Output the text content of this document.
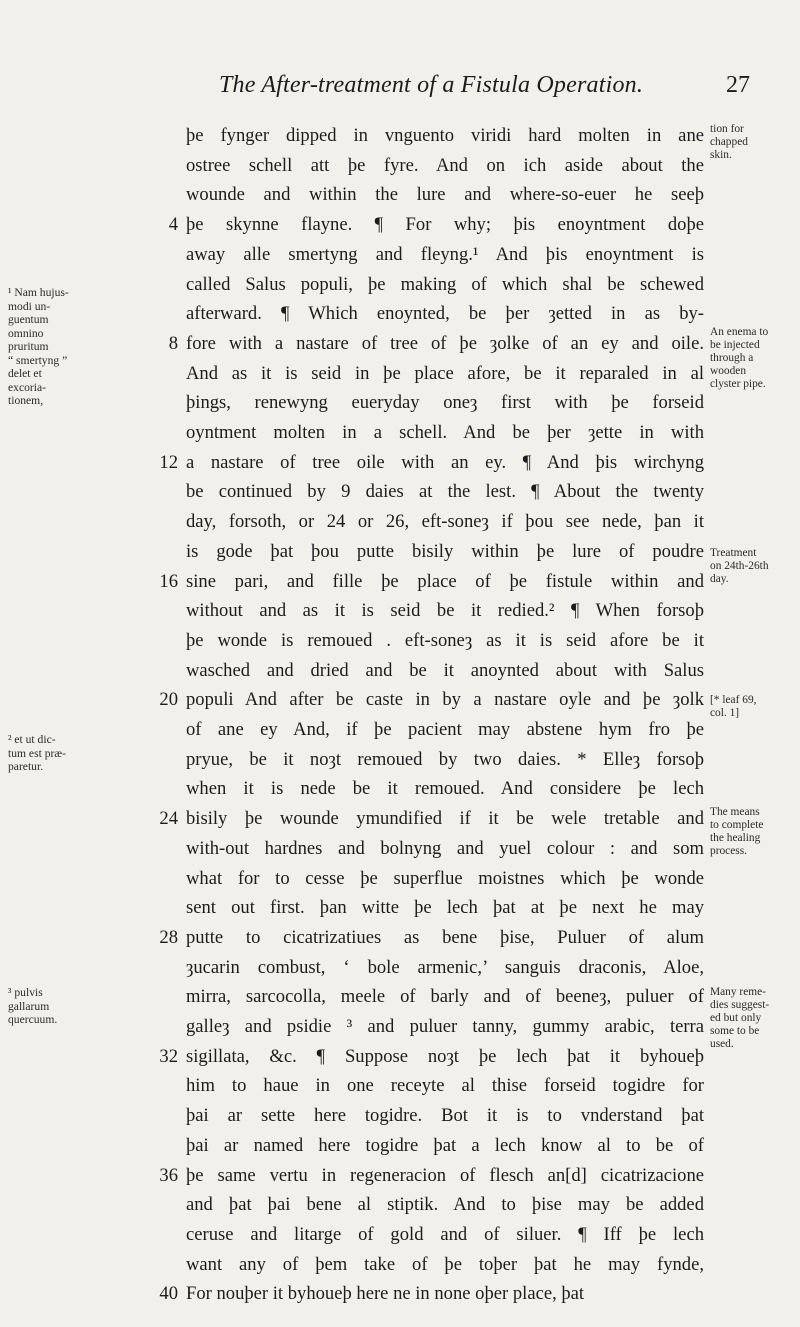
The After-treatment of a Fistula Operation.	27
þe fynger dipped in vnguento viridi hard molten in ane
ostree schell att þe fyre. And on ich aside about the
wounde and within the lure and where-so-euer he seeþ
þe skynne flayne. ¶ For why; þis enoyntment doþe
away alle smertyng and fleyng.¹ And þis enoyntment is
called Salus populi, þe making of which shal be schewed
afterward. ¶ Which enoynted, be þer ȝetted in as by-
fore with a nastare of tree of þe ȝolke of an ey and oile.
And as it is seid in þe place afore, be it reparaled in al
þings, renewyng eueryday oneȝ first with þe forseid
oyntment molten in a schell. And be þer ȝette in with
a nastare of tree oile with an ey. ¶ And þis wirchyng
be continued by 9 daies at the lest. ¶ About the twenty
day, forsoth, or 24 or 26, eft-soneȝ if þou see nede, þan it
is gode þat þou putte bisily within þe lure of poudre
sine pari, and fille þe place of þe fistule within and
without and as it is seid be it redied.² ¶ When forsoþ
þe wonde is remoued . eft-soneȝ as it is seid afore be it
wasched and dried and be it anoynted about with Salus
populi And after be caste in by a nastare oyle and þe ȝolk
of ane ey And, if þe pacient may abstene hym fro þe
pryue, be it noȝt remoued by two daies. * Elleȝ forsoþ
when it is nede be it remoued. And considere þe lech
bisily þe wounde ymundified if it be wele tretable and
with-out hardnes and bolnyng and yuel colour : and som
what for to cesse þe superflue moistnes which þe wonde
sent out first. þan witte þe lech þat at þe next he may
putte to cicatrizatiues as bene þise, Puluer of alum
ȝucarin combust, ‘ bole armenic,’ sanguis draconis, Aloe,
mirra, sarcocolla, meele of barly and of beeneȝ, puluer of
galleȝ and psidie ³ and puluer tanny, gummy arabic, terra
sigillata, &c. ¶ Suppose noȝt þe lech þat it byhoueþ
him to haue in one receyte al thise forseid togidre for
þai ar sette here togidre. Bot it is to vnderstand þat
þai ar named here togidre þat a lech know al to be of
þe same vertu in regeneracion of flesch an[d] cicatrizacione
and þat þai bene al stiptik. And to þise may be added
ceruse and litarge of gold and of siluer. ¶ Iff þe lech
want any of þem take of þe toþer þat he may fynde,
For nouþer it byhoueþ here ne in none oþer place, þat
4
8
12
16
20
24
28
32
36
40
¹ Nam hujus-
modi un-
guentum
omnino
pruritum
“ smertyng ”
delet et
excoria-
tionem,
² et ut dic-
tum est præ-
paretur.
³ pulvis
gallarum
quercuum.
tion for
chapped
skin.
An enema to
be injected
through a
wooden
clyster pipe.
Treatment
on 24th-26th
day.
[* leaf 69,
col. 1]
The means
to complete
the healing
process.
Many reme-
dies suggest-
ed but only
some to be
used.
